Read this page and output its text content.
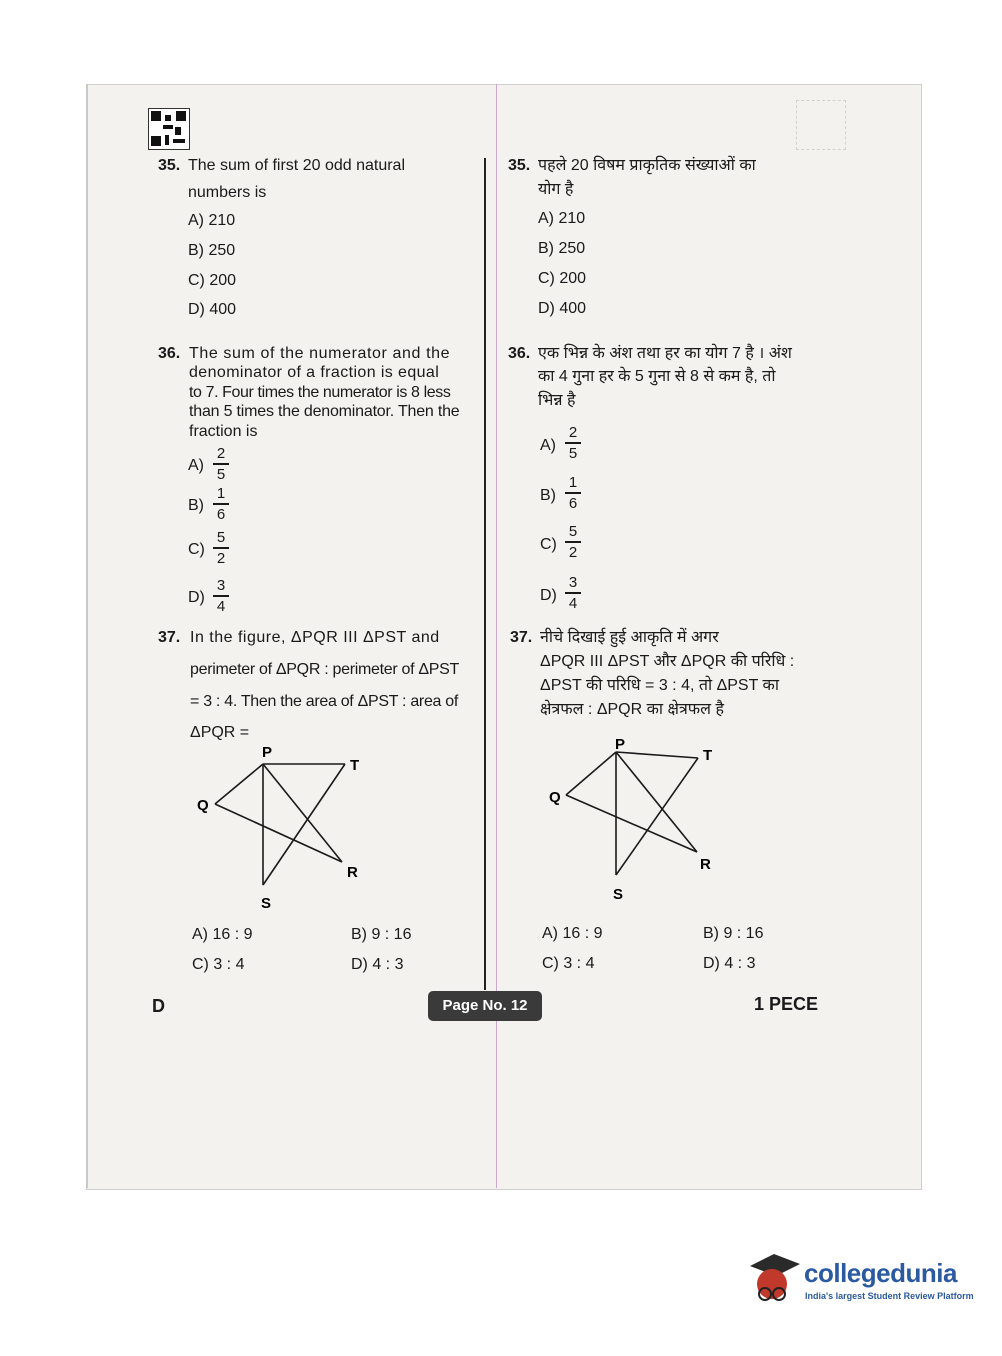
35. The sum of first 20 odd natural
numbers is
A) 210
B) 250
C) 200
D) 400
36. The sum of the numerator and the
denominator of a fraction is equal
to 7. Four times the numerator is 8 less
than 5 times the denominator. Then the
fraction is
A)
2
5
B)
1
6
C)
5
2
D)
3
4
37. In the figure, ΔPQR III ΔPST and
perimeter of ΔPQR : perimeter of ΔPST
= 3 : 4. Then the area of ΔPST : area of
ΔPQR =
P
T
Q
R
S
A) 16 : 9	B) 9 : 16
C) 3 : 4	D) 4 : 3
35. पहले 20 विषम प्राकृतिक संख्याओं का
योग है
A) 210
B) 250
C) 200
D) 400
36. एक भिन्न के अंश तथा हर का योग 7 है । अंश
का 4 गुना हर के 5 गुना से 8 से कम है, तो
भिन्न है
A)
2
5
B)
1
6
C)
5
2
D)
3
4
37. नीचे दिखाई हुई आकृति में अगर
ΔPQR III ΔPST और ΔPQR की परिधि :
ΔPST की परिधि = 3 : 4, तो ΔPST का
क्षेत्रफल : ΔPQR का क्षेत्रफल है
P
T
Q
R
S
A) 16 : 9	B) 9 : 16
C) 3 : 4	D) 4 : 3
D	Page No. 12	1 PECE
collegedunia
India's largest Student Review Platform
